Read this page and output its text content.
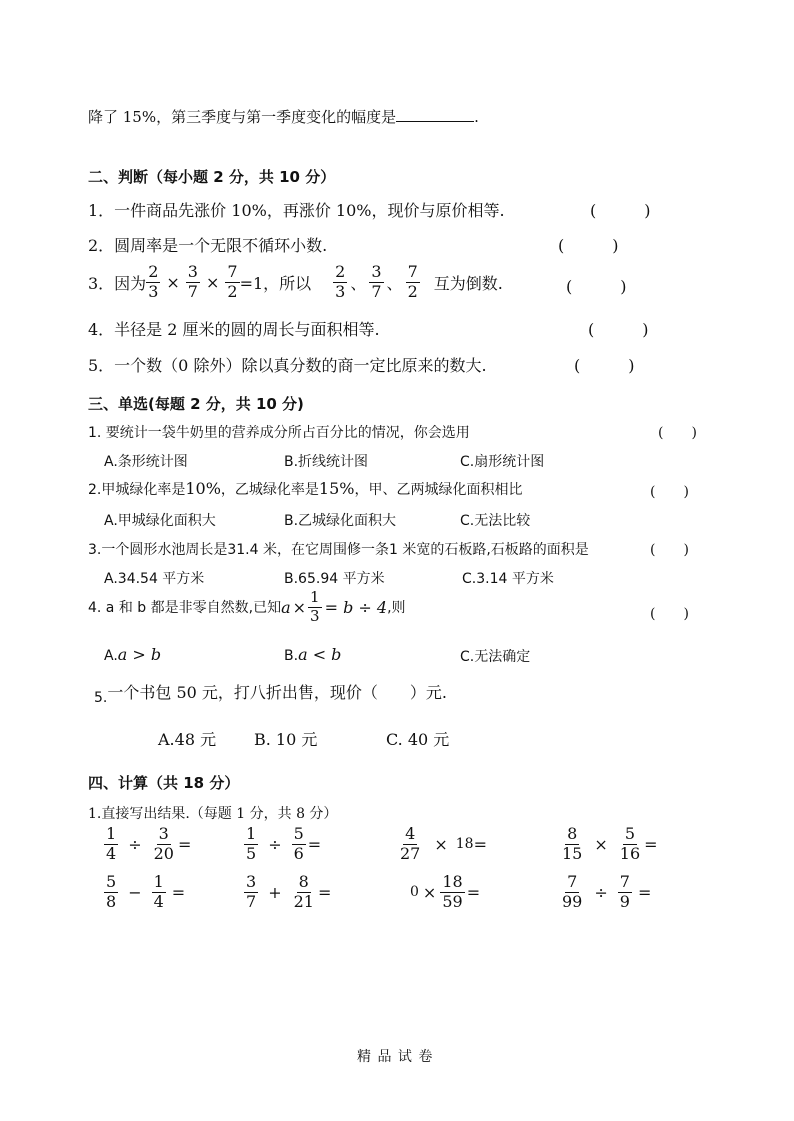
降了 15%，第三季度与第一季度变化的幅度是	.
二、判断（每小题 2 分，共 10 分）
1．一件商品先涨价 10%，再涨价 10%，现价与原价相等.	(　　　)
2．圆周率是一个无限不循环小数.	(　　　)
3．因为 $\frac{2}{3} \times \frac{3}{7} \times \frac{7}{2} =1$，所以 $\frac{2}{3}$ 、 $\frac{3}{7}$ 、 $\frac{7}{2}$ 互为倒数.	(　　　)
4．半径是 2 厘米的圆的周长与面积相等.	(　　　)
5．一个数（0 除外）除以真分数的商一定比原来的数大.	(　　　)
三、单选(每题 2 分，共 10 分)
1. 要统计一袋牛奶里的营养成分所占百分比的情况，你会选用	(　　)
A.条形统计图	B.折线统计图	C.扇形统计图
2.甲城绿化率是10%，乙城绿化率是15%，甲、乙两城绿化面积相比	(　　)
A.甲城绿化面积大	B.乙城绿化面积大	C.无法比较
3.一个圆形水池周长是31.4 米，在它周围修一条1 米宽的石板路,石板路的面积是	(　　)
A.34.54 平方米	B.65.94 平方米	C.3.14 平方米
4. a 和 b 都是非零自然数,已知 $a \times \frac{1}{3} = b \div 4$ ,则	(　　)
A.a > b	B.a < b	C.无法确定
5.一个书包 50 元，打八折出售，现价（　　）元.
A.48 元 B. 10 元	C. 40 元
四、计算（共 18 分）
1.直接写出结果.（每题 1 分，共 8 分）
$\frac{1}{4} \div \frac{3}{20}$ =	$\frac{1}{5} \div \frac{5}{6}$ =	$\frac{4}{27} \times 18$ =	$\frac{8}{15} \times \frac{5}{16}$ =
$\frac{5}{8} - \frac{1}{4}$ =	$\frac{3}{7} + \frac{8}{21}$ =	$0 \times \frac{18}{59}$ =	$\frac{7}{99} \div \frac{7}{9}$ =
精 品 试 卷
